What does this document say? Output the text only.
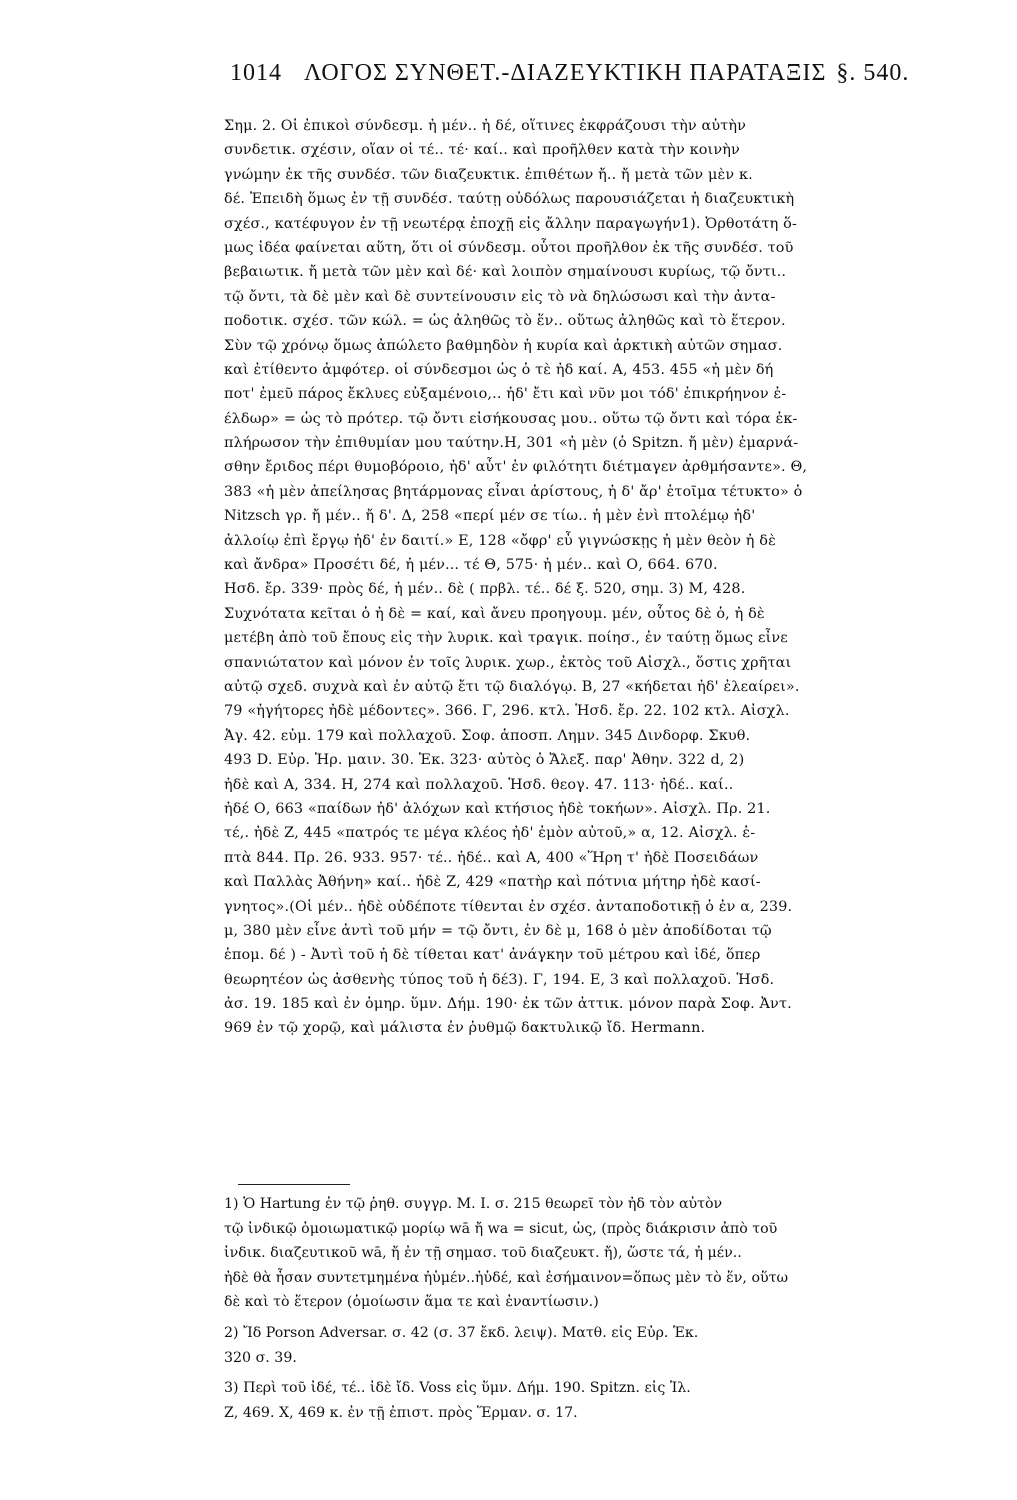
1014 ΛΟΓΟΣ ΣΥΝΘΕΤ.-ΔΙΑΖΕΥΚΤΙΚΗ ΠΑΡΑΤΑΞΙΣ §. 540.
Σημ. 2. Οἱ ἐπικοὶ σύνδεσμ. ἠ μέν.. ἠ δέ, οἵτινες ἐκφράζουσι τὴν αὐτὴν
συνδετικ. σχέσιν, οἵαν οἱ τέ.. τέ· καί.. καὶ προῆλθεν κατὰ τὴν κοινὴν
γνώμην ἐκ τῆς συνδέσ. τῶν διαζευκτικ. ἐπιθέτων ἤ.. ἤ μετὰ τῶν μὲν κ.
δέ. Ἐπειδὴ ὅμως ἐν τῇ συνδέσ. ταύτῃ οὐδόλως παρουσιάζεται ἡ διαζευκτικὴ
σχέσ., κατέφυγον ἐν τῇ νεωτέρᾳ ἐποχῇ εἰς ἄλλην παραγωγήν1). Ὀρθοτάτη ὅ-
μως ἰδέα φαίνεται αὕτη, ὅτι οἱ σύνδεσμ. οὗτοι προῆλθον ἐκ τῆς συνδέσ. τοῦ
βεβαιωτικ. ἤ μετὰ τῶν μὲν καὶ δέ· καὶ λοιπὸν σημαίνουσι κυρίως, τῷ ὄντι..
τῷ ὄντι, τὰ δὲ μὲν καὶ δὲ συντείνουσιν εἰς τὸ νὰ δηλώσωσι καὶ τὴν ἀντα-
ποδοτικ. σχέσ. τῶν κώλ. = ὡς ἀληθῶς τὸ ἕν.. οὕτως ἀληθῶς καὶ τὸ ἕτερον.
Σὺν τῷ χρόνῳ ὅμως ἀπώλετο βαθμηδὸν ἡ κυρία καὶ ἀρκτικὴ αὐτῶν σημασ.
καὶ ἐτίθεντο ἀμφότερ. οἱ σύνδεσμοι ὡς ὁ τὲ ἠδ καί. Α, 453. 455 «ἠ μὲν δή
ποτ' ἐμεῦ πάρος ἔκλυες εὐξαμένοιο,.. ἠδ' ἔτι καὶ νῦν μοι τόδ' ἐπικρήηνον ἐ-
έλδωρ» = ὡς τὸ πρότερ. τῷ ὄντι εἰσήκουσας μου.. οὕτω τῷ ὄντι καὶ τόρα ἐκ-
πλήρωσον τὴν ἐπιθυμίαν μου ταύτην.Η, 301 «ἠ μὲν (ὁ Spitzn. ἤ μὲν) ἐμαρνά-
σθην ἔριδος πέρι θυμοβόροιο, ἠδ' αὖτ' ἐν φιλότητι διέτμαγεν ἀρθμήσαντε». Θ,
383 «ἠ μὲν ἀπείλησας βητάρμονας εἶναι ἀρίστους, ἠ δ' ἄρ' ἑτοῖμα τέτυκτο» ὁ
Nitzsch γρ. ἤ μέν.. ἤ δ'. Δ, 258 «περί μέν σε τίω.. ἠ μὲν ἐνὶ πτολέμῳ ἠδ'
ἀλλοίῳ ἐπὶ ἔργῳ ἠδ' ἐν δαιτί.» Ε, 128 «ὄφρ' εὖ γιγνώσκῃς ἠ μὲν θεὸν ἠ δὲ
καὶ ἄνδρα» Προσέτι δέ, ἠ μέν... τέ Θ, 575· ἠ μέν.. καὶ Ο, 664. 670.
Ησδ. ἔρ. 339· πρὸς δέ, ἠ μέν.. δὲ ( πρβλ. τέ.. δέ ξ. 520, σημ. 3) Μ, 428.
Συχνότατα κεῖται ὁ ἠ δὲ = καί, καὶ ἄνευ προηγουμ. μέν, οὗτος δὲ ὁ, ἠ δὲ
μετέβη ἀπὸ τοῦ ἔπους εἰς τὴν λυρικ. καὶ τραγικ. ποίησ., ἐν ταύτῃ ὅμως εἶνε
σπανιώτατον καὶ μόνον ἐν τοῖς λυρικ. χωρ., ἐκτὸς τοῦ Αἰσχλ., ὅστις χρῆται
αὐτῷ σχεδ. συχνὰ καὶ ἐν αὐτῷ ἔτι τῷ διαλόγῳ. Β, 27 «κήδεται ἠδ' ἐλεαίρει».
79 «ἡγήτορες ἠδὲ μέδοντες». 366. Γ, 296. κτλ. Ἡσδ. ἔρ. 22. 102 κτλ. Αἰσχλ.
Ἀγ. 42. εὐμ. 179 καὶ πολλαχοῦ. Σοφ. ἀποσπ. Λημν. 345 Δινδορφ. Σκυθ.
493 D. Εὐρ. Ἡρ. μαιν. 30. Ἑκ. 323· αὐτὸς ὁ Ἄλεξ. παρ' Ἀθην. 322 d, 2)
ἠδὲ καὶ Α, 334. Η, 274 καὶ πολλαχοῦ. Ἡσδ. θεογ. 47. 113· ἠδέ.. καί..
ἠδέ Ο, 663 «παίδων ἠδ' ἀλόχων καὶ κτήσιος ἠδὲ τοκήων». Αἰσχλ. Πρ. 21.
τέ,. ἠδὲ Ζ, 445 «πατρός τε μέγα κλέος ἠδ' ἐμὸν αὐτοῦ,» α, 12. Αἰσχλ. ἑ-
πτὰ 844. Πρ. 26. 933. 957· τέ.. ἠδέ.. καὶ Α, 400 «Ἥρη τ' ἠδὲ Ποσειδάων
καὶ Παλλὰς Ἀθήνη» καί.. ἠδὲ Ζ, 429 «πατὴρ καὶ πότνια μήτηρ ἠδὲ κασί-
γνητος».(Οἱ μέν.. ἠδὲ οὐδέποτε τίθενται ἐν σχέσ. ἀνταποδοτικῇ ὁ ἐν α, 239.
μ, 380 μὲν εἶνε ἀντὶ τοῦ μήν = τῷ ὄντι, ἐν δὲ μ, 168 ὁ μὲν ἀποδίδοται τῷ
ἑπομ. δέ ) - Ἀντὶ τοῦ ἠ δὲ τίθεται κατ' ἀνάγκην τοῦ μέτρου καὶ ἰδέ, ὅπερ
θεωρητέον ὡς ἀσθενὴς τύπος τοῦ ἠ δέ3). Γ, 194. Ε, 3 καὶ πολλαχοῦ. Ἡσδ.
ἀσ. 19. 185 καὶ ἐν ὁμηρ. ὕμν. Δήμ. 190· ἐκ τῶν ἀττικ. μόνον παρὰ Σοφ. Ἀντ.
969 ἐν τῷ χορῷ, καὶ μάλιστα ἐν ῥυθμῷ δακτυλικῷ ἴδ. Hermann.
1) Ὁ Hartung ἐν τῷ ῥηθ. συγγρ. Μ. Ι. σ. 215 θεωρεῖ τὸν ἠδ τὸν αὐτὸν
τῷ ἰνδικῷ ὁμοιωματικῷ μορίῳ wā ἤ wa = sicut, ὡς, (πρὸς διάκρισιν ἀπὸ τοῦ
ἰνδικ. διαζευτικοῦ wā, ἤ ἐν τῇ σημασ. τοῦ διαζευκτ. ἤ), ὥστε τά, ἠ μέν..
ἠδὲ θὰ ἦσαν συντετμημένα ἠὑμέν..ἠὑδέ, καὶ ἐσήμαινον=ὅπως μὲν τὸ ἕν, οὕτω
δὲ καὶ τὸ ἕτερον (ὁμοίωσιν ἅμα τε καὶ ἐναντίωσιν.)
2) Ἴδ Porson Adversar. σ. 42 (σ. 37 ἔκδ. λειψ). Ματθ. εἰς Εὐρ. Ἑκ.
320 σ. 39.
3) Περὶ τοῦ ἰδέ, τέ.. ἰδὲ ἴδ. Voss εἰς ὕμν. Δήμ. 190. Spitzn. εἰς Ἰλ.
Ζ, 469. Χ, 469 κ. ἐν τῇ ἐπιστ. πρὸς Ἕρμαν. σ. 17.
